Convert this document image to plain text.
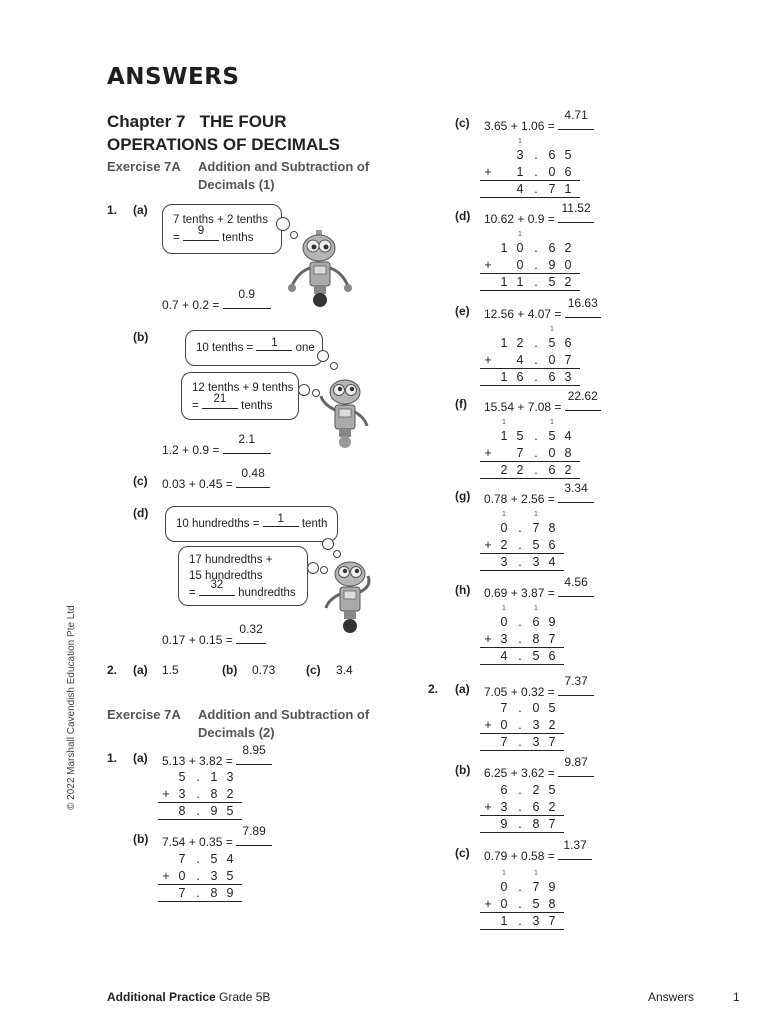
ANSWERS
Chapter 7 THE FOUR
OPERATIONS OF DECIMALS
Exercise 7A Addition and Subtraction of
Decimals (1)
1. (a)
7 tenths + 2 tenths
=
9
tenths
0.7 + 0.2 =
0.9
(b)
10 tenths =	1	one
12 tenths + 9 tenths
=
21
tenths
1.2 + 0.9 =
2.1
(c) 0.03 + 0.45 =
0.48
(d)
10 hundredths =	1	tenth
17 hundredths +
15 hundredths
=
32
hundredths
0.17 + 0.15 =
0.32
2. (a) 1.5	(b) 0.73	(c) 3.4
Exercise 7A Addition and Subtraction of
Decimals (2)
1. (a) 5.13 + 3.82 =
8.95
5 . 1 3
+ 3 . 8 2
8 . 9 5
(b) 7.54 + 0.35 =
7.89
7 . 5 4
+ 0 . 3 5
7 . 8 9
(c) 3.65 + 1.06 =
4.71
1
3 . 6 5
+	1 . 0 6
4 . 7 1
(d) 10.62 + 0.9 =
11.52
1
1 0 . 6 2
+	0 . 9 0
1 1 . 5 2
(e) 12.56 + 4.07 =
16.63
1
1 2 . 5 6
+	4 . 0 7
1 6 . 6 3
(f) 15.54 + 7.08 =
22.62
1	1
1 5 . 5 4
+	7 . 0 8
2 2 . 6 2
(g) 0.78 + 2.56 =
3.34
1	1
0 . 7 8
+ 2 . 5 6
3 . 3 4
(h) 0.69 + 3.87 =
4.56
1	1
0 . 6 9
+ 3 . 8 7
4 . 5 6
2. (a) 7.05 + 0.32 =
7.37
7 . 0 5
+ 0 . 3 2
7 . 3 7
(b) 6.25 + 3.62 =
9.87
6 . 2 5
+ 3 . 6 2
9 . 8 7
(c) 0.79 + 0.58 =
1.37
1	1
0 . 7 9
+ 0 . 5 8
1 . 3 7
© 2022 Marshall Cavendish Education Pte Ltd
Additional Practice Grade 5B	Answers	1
